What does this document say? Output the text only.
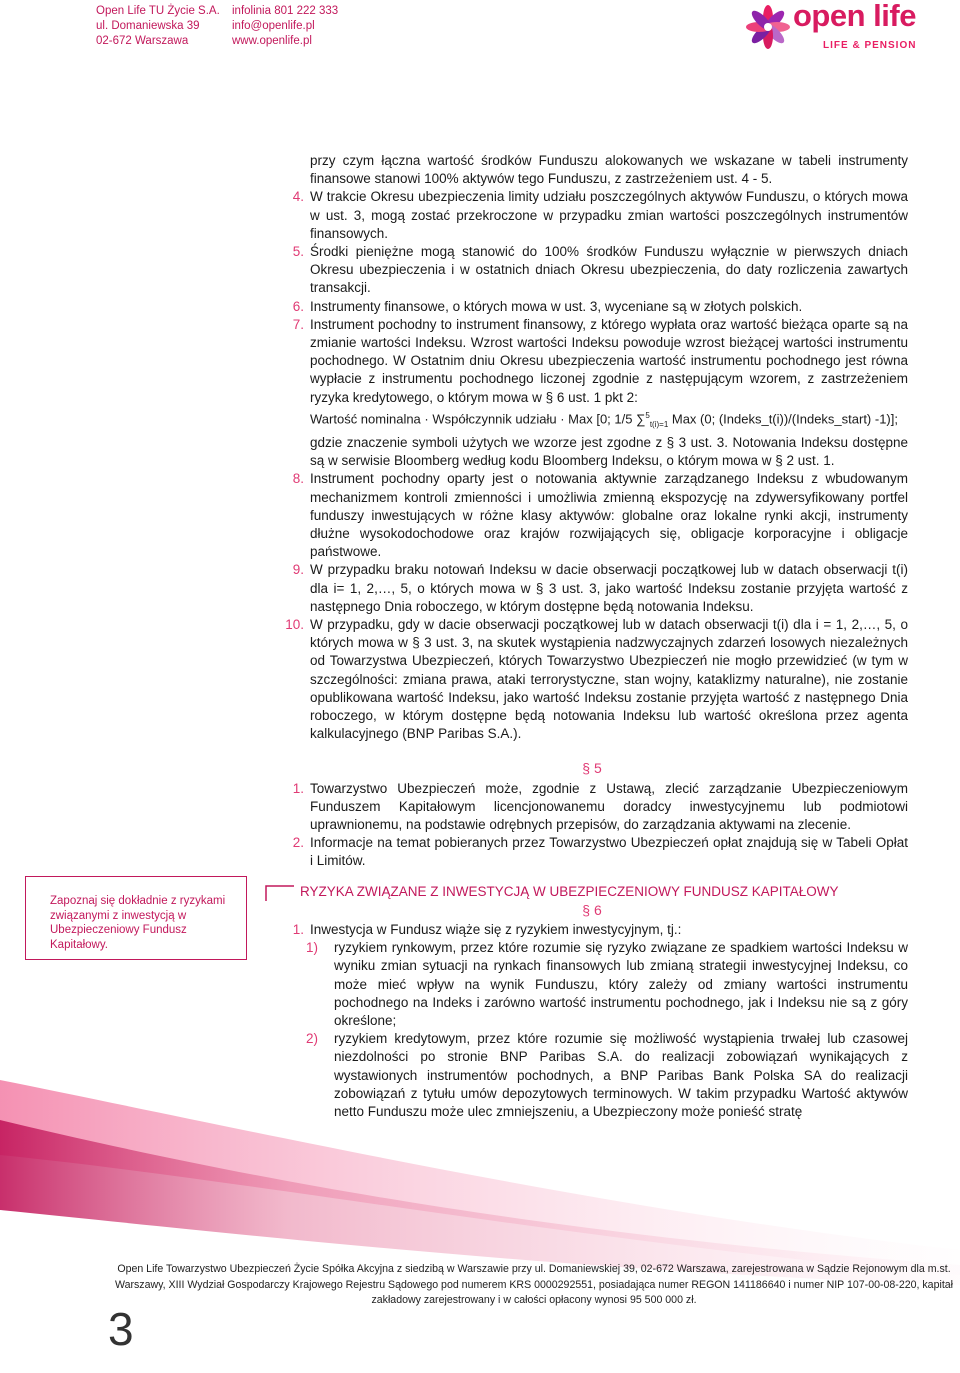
Open Life TU Życie S.A.
ul. Domaniewska 39
02-672 Warszawa
infolinia 801 222 333
info@openlife.pl
www.openlife.pl
open life
LIFE & PENSION

przy czym łączna wartość środków Funduszu alokowanych we wskazane w tabeli instrumenty finansowe stanowi 100% aktywów tego Funduszu, z zastrzeżeniem ust. 4 - 5.

4. W trakcie Okresu ubezpieczenia limity udziału poszczególnych aktywów Funduszu, o których mowa w ust. 3, mogą zostać przekroczone w przypadku zmian wartości poszczególnych instrumentów finansowych.
5. Środki pieniężne mogą stanowić do 100% środków Funduszu wyłącznie w pierwszych dniach Okresu ubezpieczenia i w ostatnich dniach Okresu ubezpieczenia, do daty rozliczenia zawartych transakcji.
6. Instrumenty finansowe, o których mowa w ust. 3, wyceniane są w złotych polskich.
7. Instrument pochodny to instrument finansowy, z którego wypłata oraz wartość bieżąca oparte są na zmianie wartości Indeksu. Wzrost wartości Indeksu powoduje wzrost bieżącej wartości instrumentu pochodnego. W Ostatnim dniu Okresu ubezpieczenia wartość instrumentu pochodnego jest równa wypłacie z instrumentu pochodnego liczonej zgodnie z następującym wzorem, z zastrzeżeniem ryzyka kredytowego, o którym mowa w § 6 ust. 1 pkt 2:
Wartość nominalna · Współczynnik udziału · Max [0; 1/5 ∑$^5_{t(i)=1}$ Max (0; (Indeks_t(i))/(Indeks_start) -1)];
gdzie znaczenie symboli użytych we wzorze jest zgodne z § 3 ust. 3. Notowania Indeksu dostępne są w serwisie Bloomberg według kodu Bloomberg Indeksu, o którym mowa w § 2 ust. 1.
8. Instrument pochodny oparty jest o notowania aktywnie zarządzanego Indeksu z wbudowanym mechanizmem kontroli zmienności i umożliwia zmienną ekspozycję na zdywersyfikowany portfel funduszy inwestujących w różne klasy aktywów: globalne oraz lokalne rynki akcji, instrumenty dłużne wysokodochodowe oraz krajów rozwijających się, obligacje korporacyjne i obligacje państwowe.
9. W przypadku braku notowań Indeksu w dacie obserwacji początkowej lub w datach obserwacji t(i) dla i= 1, 2,…, 5, o których mowa w § 3 ust. 3, jako wartość Indeksu zostanie przyjęta wartość z następnego Dnia roboczego, w którym dostępne będą notowania Indeksu.
10. W przypadku, gdy w dacie obserwacji początkowej lub w datach obserwacji t(i) dla i = 1, 2,…, 5, o których mowa w § 3 ust. 3, na skutek wystąpienia nadzwyczajnych zdarzeń losowych niezależnych od Towarzystwa Ubezpieczeń, których Towarzystwo Ubezpieczeń nie mogło przewidzieć (w tym w szczególności: zmiana prawa, ataki terrorystyczne, stan wojny, kataklizmy naturalne), nie zostanie opublikowana wartość Indeksu, jako wartość Indeksu zostanie przyjęta wartość z następnego Dnia roboczego, w którym dostępne będą notowania Indeksu lub wartość określona przez agenta kalkulacyjnego (BNP Paribas S.A.).
§ 5
1. Towarzystwo Ubezpieczeń może, zgodnie z Ustawą, zlecić zarządzanie Ubezpieczeniowym Funduszem Kapitałowym licencjonowanemu doradcy inwestycyjnemu lub podmiotowi uprawnionemu, na podstawie odrębnych przepisów, do zarządzania aktywami na zlecenie.
2. Informacje na temat pobieranych przez Towarzystwo Ubezpieczeń opłat znajdują się w Tabeli Opłat i Limitów.
RYZYKA ZWIĄZANE Z INWESTYCJĄ W UBEZPIECZENIOWY FUNDUSZ KAPITAŁOWY
§ 6
1. Inwestycja w Fundusz wiąże się z ryzykiem inwestycyjnym, tj.:
1) ryzykiem rynkowym, przez które rozumie się ryzyko związane ze spadkiem wartości Indeksu w wyniku zmian sytuacji na rynkach finansowych lub zmianą strategii inwestycyjnej Indeksu, co może mieć wpływ na wynik Funduszu, który zależy od zmiany wartości instrumentu pochodnego na Indeks i zarówno wartość instrumentu pochodnego, jak i Indeksu nie są z góry określone;
2) ryzykiem kredytowym, przez które rozumie się możliwość wystąpienia trwałej lub czasowej niezdolności po stronie BNP Paribas S.A. do realizacji zobowiązań wynikających z wystawionych instrumentów pochodnych, a BNP Paribas Bank Polska SA do realizacji zobowiązań z tytułu umów depozytowych terminowych. W takim przypadku Wartość aktywów netto Funduszu może ulec zmniejszeniu, a Ubezpieczony może ponieść stratę
Zapoznaj się dokładnie z ryzykami związanymi z inwestycją w Ubezpieczeniowy Fundusz Kapitałowy.
Open Life Towarzystwo Ubezpieczeń Życie Spółka Akcyjna z siedzibą w Warszawie przy ul. Domaniewskiej 39, 02-672 Warszawa, zarejestrowana w Sądzie Rejonowym dla m.st.
Warszawy, XIII Wydział Gospodarczy Krajowego Rejestru Sądowego pod numerem KRS 0000292551, posiadająca numer REGON 141186640 i numer NIP 107-00-08-220, kapitał
zakładowy zarejestrowany i w całości opłacony wynosi 95 500 000 zł.
3
